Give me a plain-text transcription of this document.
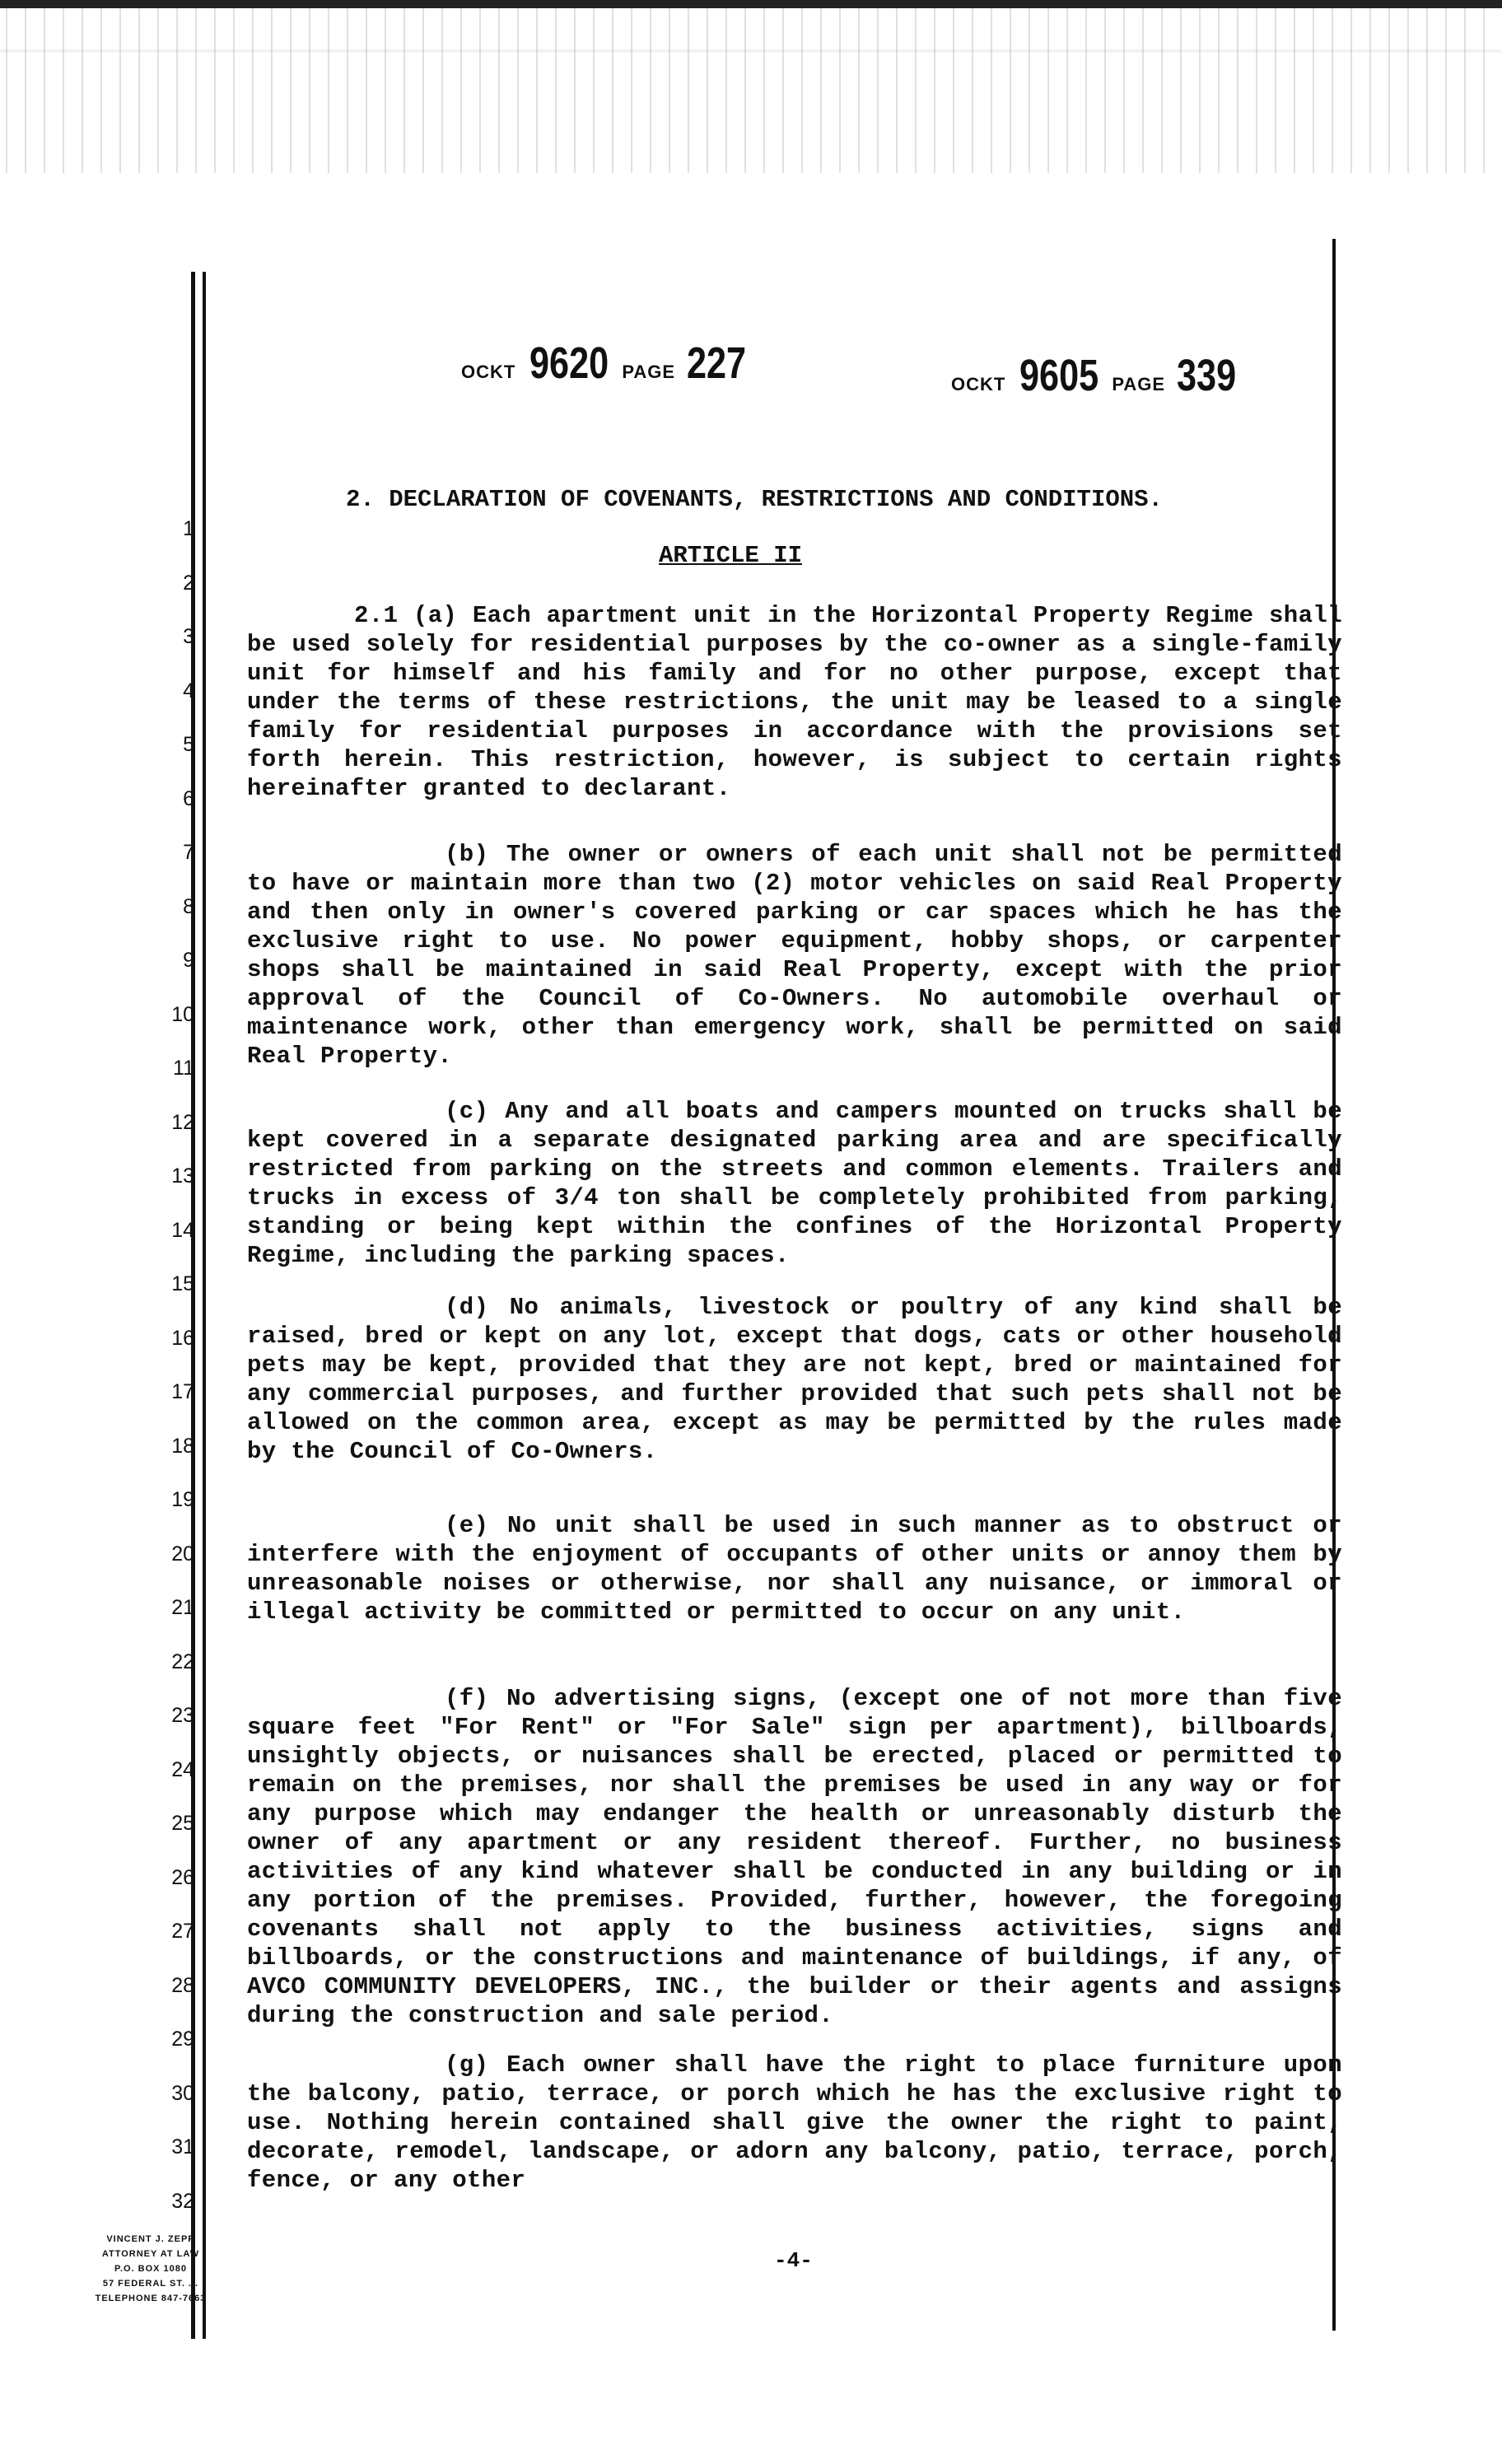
OCKT 9620 PAGE 227	OCKT 9605 PAGE 339
1
2
3
4
5
6
7
8
9
10
11
12
13
14
15
16
17
18
19
20
21
22
23
24
25
26
27
28
29
30
31
32
2. DECLARATION OF COVENANTS, RESTRICTIONS AND CONDITIONS.
ARTICLE II
2.1 (a) Each apartment unit in the Horizontal Property Regime shall be used solely for residential purposes by the co-owner as a single-family unit for himself and his family and for no other purpose, except that under the terms of these restrictions, the unit may be leased to a single family for residential purposes in accordance with the provisions set forth herein. This restriction, however, is subject to certain rights hereinafter granted to declarant.
(b) The owner or owners of each unit shall not be permitted to have or maintain more than two (2) motor vehicles on said Real Property and then only in owner's covered parking or car spaces which he has the exclusive right to use. No power equipment, hobby shops, or carpenter shops shall be maintained in said Real Property, except with the prior approval of the Council of Co-Owners. No automobile overhaul or maintenance work, other than emergency work, shall be permitted on said Real Property.
(c) Any and all boats and campers mounted on trucks shall be kept covered in a separate designated parking area and are specifically restricted from parking on the streets and common elements. Trailers and trucks in excess of 3/4 ton shall be completely prohibited from parking, standing or being kept within the confines of the Horizontal Property Regime, including the parking spaces.
(d) No animals, livestock or poultry of any kind shall be raised, bred or kept on any lot, except that dogs, cats or other household pets may be kept, provided that they are not kept, bred or maintained for any commercial purposes, and further provided that such pets shall not be allowed on the common area, except as may be permitted by the rules made by the Council of Co-Owners.
(e) No unit shall be used in such manner as to obstruct or interfere with the enjoyment of occupants of other units or annoy them by unreasonable noises or otherwise, nor shall any nuisance, or immoral or illegal activity be committed or permitted to occur on any unit.
(f) No advertising signs, (except one of not more than five square feet "For Rent" or "For Sale" sign per apartment), billboards, unsightly objects, or nuisances shall be erected, placed or permitted to remain on the premises, nor shall the premises be used in any way or for any purpose which may endanger the health or unreasonably disturb the owner of any apartment or any resident thereof. Further, no business activities of any kind whatever shall be conducted in any building or in any portion of the premises. Provided, further, however, the foregoing covenants shall not apply to the business activities, signs and billboards, or the constructions and maintenance of buildings, if any, of AVCO COMMUNITY DEVELOPERS, INC., the builder or their agents and assigns during the construction and sale period.
(g) Each owner shall have the right to place furniture upon the balcony, patio, terrace, or porch which he has the exclusive right to use. Nothing herein contained shall give the owner the right to paint, decorate, remodel, landscape, or adorn any balcony, patio, terrace, porch, fence, or any other
VINCENT J. ZEPP
ATTORNEY AT LAW
P.O. BOX 1080
57 FEDERAL ST. ...
TELEPHONE 847-7663
-4-
